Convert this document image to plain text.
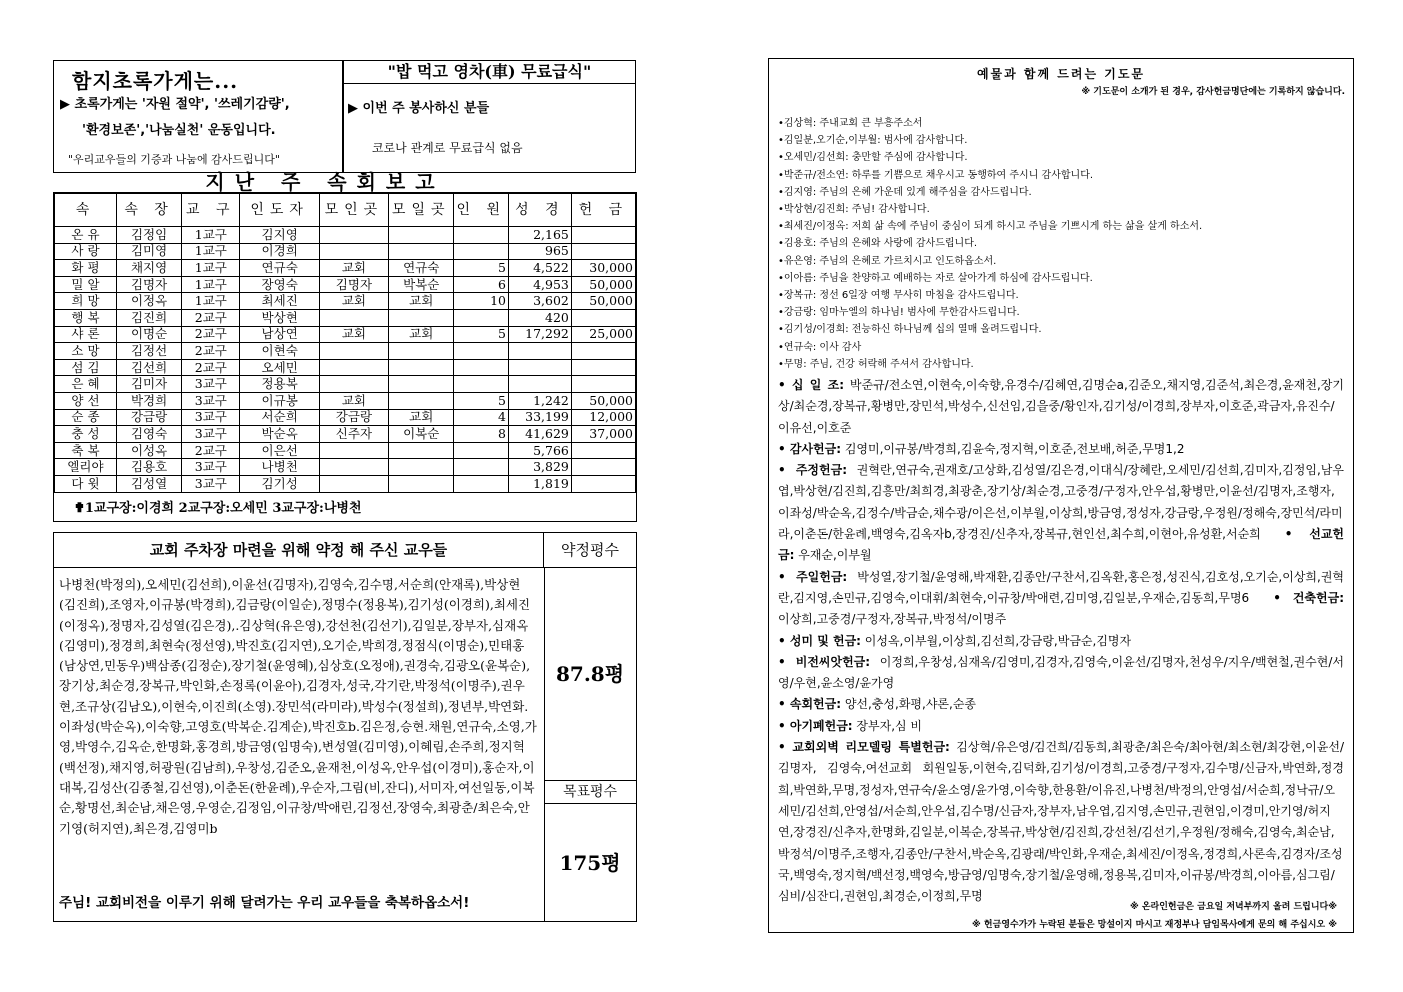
함지초록가게는...
▶ 초록가게는 '자원 절약', '쓰레기감량',
'환경보존','나눔실천' 운동입니다.
"우리교우들의 기증과 나눔에 감사드립니다"
"밥 먹고 영차(車) 무료급식"
▶ 이번 주 봉사하신 분들
코로나 관계로 무료급식 없음
지난 주 속회보고
속	속 장	교 구	인도자	모인곳	모일곳	인 원	성 경	헌 금
온 유	김정임	1교구	김지영				2,165	
사 랑	김미영	1교구	이경희				965	
화 평	채지영	1교구	연규숙	교회	연규숙	5	4,522	30,000
밀 알	김명자	1교구	장영숙	김명자	박복순	6	4,953	50,000
희 망	이정옥	1교구	최세진	교회	교회	10	3,602	50,000
행 복	김진희	2교구	박상현				420	
샤 론	이명순	2교구	남상연	교회	교회	5	17,292	25,000
소 망	김정선	2교구	이현숙					
섬 김	김선희	2교구	오세민					
은 혜	김미자	3교구	정용복					
양 선	박경희	3교구	이규봉	교회		5	1,242	50,000
순 종	강금랑	3교구	서순희	강금랑	교회	4	33,199	12,000
충 성	김영숙	3교구	박순옥	신주자	이복순	8	41,629	37,000
축 복	이성옥	2교구	이은선				5,766	
엘리야	김용호	3교구	나병천				3,829	
다 윗	김성열	3교구	김기성				1,819	
✟1교구장:이경희 2교구장:오세민 3교구장:나병천
교회 주차장 마련을 위해 약정 해 주신 교우들
나병천(박정의),오세민(김선희),이윤선(김명자),김영숙,김수명,서순희(안재록),박상현(김진희),조영자,이규봉(박경희),김금랑(이일순),정명수(정용복),김기성(이경희),최세진(이정옥),정명자,김성열(김은경),.김상혁(유은영),강선천(김선기),김일분,장부자,심재옥(김영미),정경희,최현숙(정선영),박진호(김지연),오기순,박희경,정점식(이명순),민태홍(남상연,민동우)백삼종(김정순),장기철(윤영혜),심상호(오정애),권경숙,김광오(윤복순),장기상,최순경,장복규,박인화,손정록(이윤아),김경자,성국,각기란,박정석(이명주),권우현,조규상(김남오),이현숙,이진희(소영).장민석(라미라),박성수(정설희),정년부,박연화.이좌성(박순옥),이숙향,고영호(박복순.김계순),박진호b.김은정,승현.채원,연규숙,소영,가영,박영수,김옥순,한명화,홍경희,방금영(임명숙),변성열(김미영),이혜림,손주희,정지혁(백선정),채지영,허광원(김남희),우창성,김준오,윤재천,이성옥,안우섭(이경미),홍순자,이대복,김성산(김종철,김선영),이춘돈(한윤례),우순자,그림(비,잔디),서미자,여선일동,이복순,황명선,최순남,채은영,우영순,김정임,이규창/박애린,김정선,장영숙,최광춘/최은숙,안기영(허지연),최은경,김영미b
주님! 교회비전을 이루기 위해 달려가는 우리 교우들을 축복하옵소서!
약정평수
87.8평
목표평수
175평
예물과 함께 드려는 기도문
※ 기도문이 소개가 된 경우, 감사헌금명단에는 기록하지 않습니다.
•김상혁: 주내교회 큰 부흥주소서
•김일분,오기순,이부월: 범사에 감사합니다.
•오세민/김선희: 충만할 주심에 감사합니다.
•박준규/전소연: 하루를 기쁨으로 채우시고 동행하여 주시니 감사합니다.
•김지영: 주님의 은혜 가운데 있게 해주심을 감사드립니다.
•박상현/김진희: 주님! 감사합니다.
•최세진/이정옥: 저희 삶 속에 주님이 중심이 되게 하시고 주님을 기쁘시게 하는 삶을 살게 하소서.
•김용호: 주님의 은혜와 사랑에 감사드립니다.
•유은영: 주님의 은혜로 가르치시고 인도하옵소서.
•이아름: 주님을 찬양하고 예배하는 자로 살아가게 하심에 감사드립니다.
•장복규: 정선 6일장 여행 무사히 마침을 감사드립니다.
•강금랑: 임마누엘의 하나님! 범사에 무한감사드립니다.
•김기성/이경희: 전능하신 하나님께 십의 열매 올려드립니다.
•연규숙: 이사 감사
•무명: 주님, 건강 허락해 주셔서 감사합니다.
• 십 일 조: 박준규/전소연,이현숙,이숙향,유경수/김혜연,김명순a,김준오,채지영,김준석,최은경,윤재천,장기상/최순경,장복규,황병만,장민석,박성수,신선임,김을중/황인자,김기성/이경희,장부자,이호준,곽금자,유진수/이유선,이호준
• 감사헌금: 김영미,이규봉/박경희,김윤숙,정지혁,이호준,전보배,허준,무명1,2
• 주정헌금: 권혁란,연규숙,권재호/고상화,김성열/김은경,이대식/장혜란,오세민/김선희,김미자,김정임,남우엽,박상현/김진희,김흥만/최희경,최광춘,장기상/최순경,고중경/구정자,안우섭,황병만,이윤선/김명자,조행자,이좌성/박순옥,김정수/박금순,채수광/이은선,이부월,이상희,방금영,정성자,강금랑,우정원/정해숙,장민석/라미라,이춘돈/한윤례,백영숙,김옥자b,장경진/신추자,장복규,현인선,최수희,이현아,유성환,서순희   • 선교헌금: 우재순,이부월
• 주일헌금: 박성열,장기철/윤영해,박재환,김종안/구찬서,김옥환,홍은정,성진식,김호성,오기순,이상희,권혁란,김지영,손민규,김영숙,이대휘/최현숙,이규창/박애련,김미영,김일분,우재순,김동희,무명6   • 건축헌금: 이상희,고중경/구정자,장복규,박정석/이명주
• 성미 및 헌금: 이성옥,이부월,이상희,김선희,강금랑,박금순,김명자
• 비전씨앗헌금: 이정희,우창성,심재옥/김영미,김경자,김영숙,이윤선/김명자,천성우/지우/백현철,권수현/서영/우현,윤소영/윤가영
• 속회헌금: 양선,충성,화평,샤론,순종
• 아기폐헌금: 장부자,심 비
• 교회외벽 리모델링 특별헌금: 김상혁/유은영/김건희/김동희,최광춘/최은숙/최아현/최소현/최강현,이윤선/김명자, 김영숙,여선교회 회원일동,이현숙,김덕화,김기성/이경희,고중경/구정자,김수명/신금자,박연화,정경희,박연화,무명,정성자,연규숙/윤소영/윤가영,이숙향,한용환/이유진,나병천/박정의,안영섭/서순희,정낙규/오세민/김선희,안영섭/서순희,안우섭,김수명/신금자,장부자,남우엽,김지영,손민규,권현임,이경미,안기영/허지연,장경진/신추자,한명화,김일분,이복순,장복규,박상현/김진희,강선천/김선기,우정원/정해숙,김영숙,최순남,박정석/이명주,조행자,김종안/구찬서,박순옥,김광래/박인화,우재순,최세진/이정옥,정경희,사론속,김경자/조성국,백영숙,정지혁/백선정,백영숙,방금영/임명숙,장기철/윤영해,정용복,김미자,이규봉/박경희,이아름,심그림/심비/심잔디,권현임,최경순,이정희,무명

※ 온라인헌금은 금요일 저녁부까지 올려 드립니다※
※ 헌금영수가가 누락된 분들은 망설이지 마시고 재정부나 담임목사에게 문의 해 주십시오 ※
